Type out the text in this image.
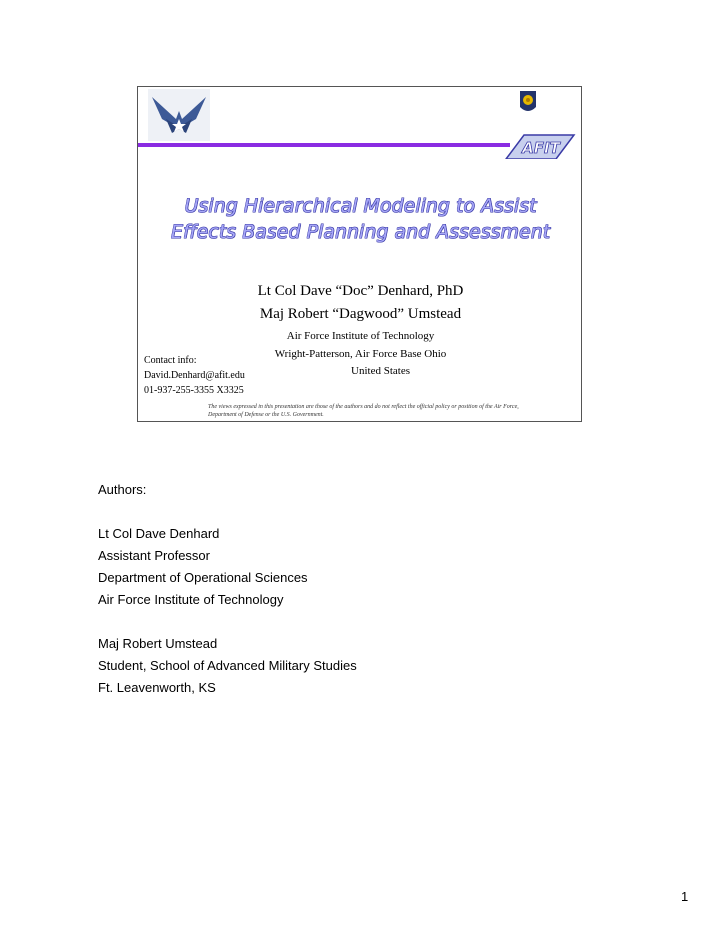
AFIT
Using Hierarchical Modeling to Assist
Effects Based Planning and Assessment
Lt Col Dave “Doc” Denhard, PhD
Maj Robert “Dagwood” Umstead
Air Force Institute of Technology
Wright-Patterson, Air Force Base Ohio
United States
Contact info:
David.Denhard@afit.edu
01-937-255-3355 X3325
The views expressed in this presentation are those of the authors and do not reflect the official policy or position of the Air Force, Department of Defense or the U.S. Government.
Authors:
Lt Col Dave Denhard
Assistant Professor
Department of Operational Sciences
Air Force Institute of Technology
Maj Robert Umstead
Student, School of Advanced Military Studies
Ft. Leavenworth, KS
1
